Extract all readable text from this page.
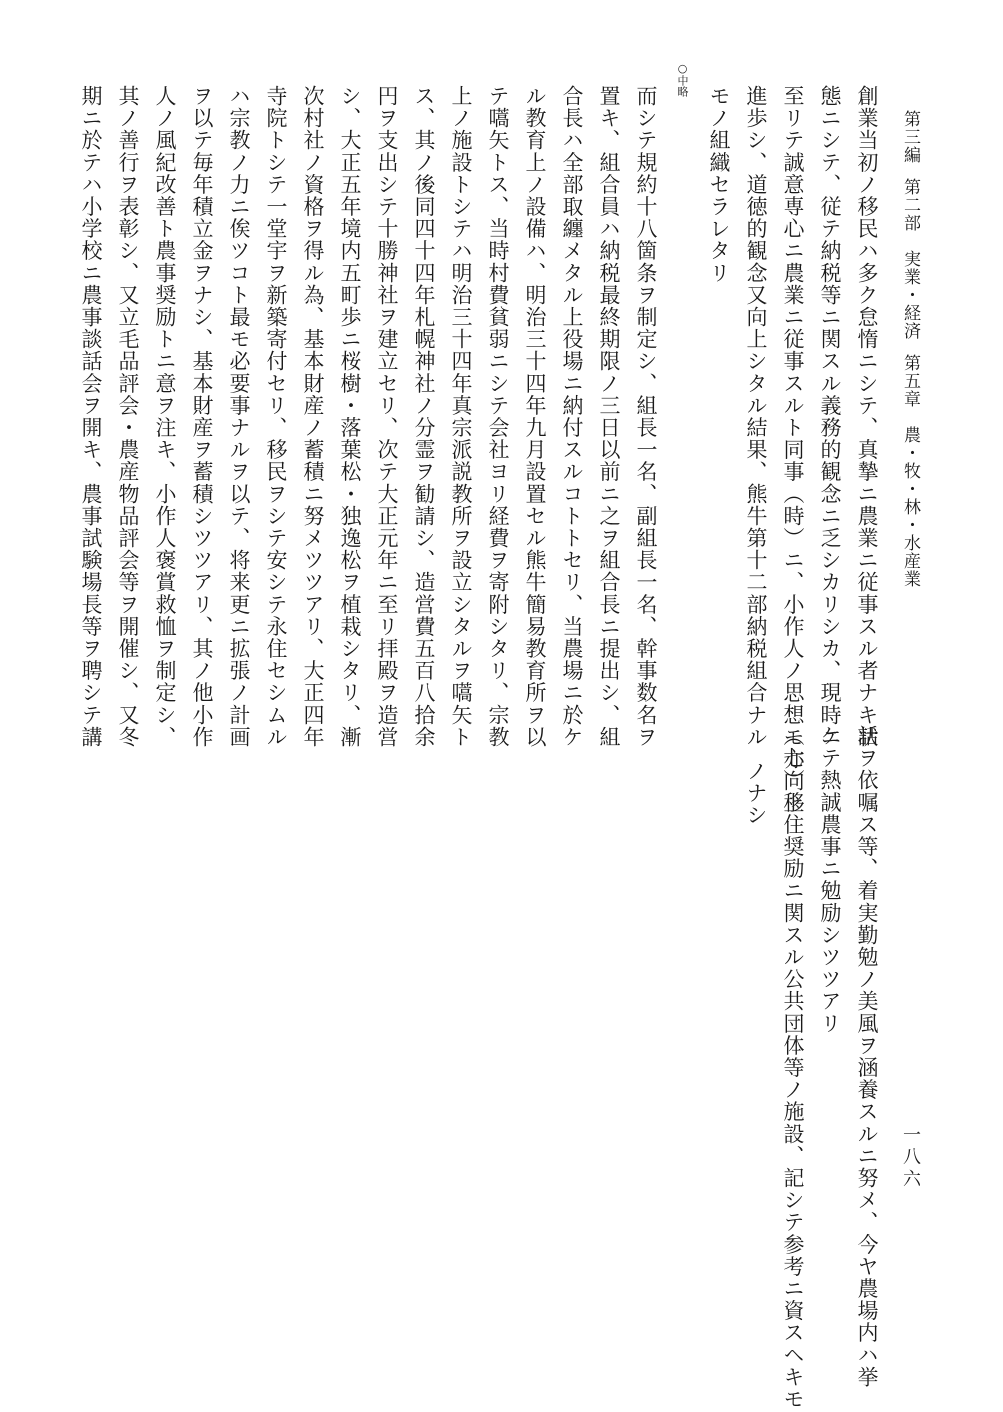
第三編
第二部　実業・経済
第五章　農・牧・林・水産業
創業当初ノ移民ハ多ク怠惰ニシテ、真摯ニ農業ニ従事スル者ナキ状
態ニシテ、従テ納税等ニ関スル義務的観念ニ乏シカリシカ、現時ニ
至リテ誠意専心ニ農業ニ従事スルト同事（時）ニ、小作人ノ思想モ亦向上
進歩シ、道徳的観念又向上シタル結果、熊牛第十二部納税組合ナル
モノ組織セラレタリ
○中略
而シテ規約十八箇条ヲ制定シ、組長一名、副組長一名、幹事数名ヲ
置キ、組合員ハ納税最終期限ノ三日以前ニ之ヲ組合長ニ提出シ、組
合長ハ全部取纏メタル上役場ニ納付スルコトトセリ、当農場ニ於ケ
ル教育上ノ設備ハ、明治三十四年九月設置セル熊牛簡易教育所ヲ以
テ嚆矢トス、当時村費貧弱ニシテ会社ヨリ経費ヲ寄附シタリ、宗教
上ノ施設トシテハ明治三十四年真宗派説教所ヲ設立シタルヲ嚆矢ト
ス、其ノ後同四十四年札幌神社ノ分霊ヲ勧請シ、造営費五百八拾余
円ヲ支出シテ十勝神社ヲ建立セリ、次テ大正元年ニ至リ拝殿ヲ造営
シ、大正五年境内五町歩ニ桜樹・落葉松・独逸松ヲ植栽シタリ、漸
次村社ノ資格ヲ得ル為、基本財産ノ蓄積ニ努メツツアリ、大正四年
寺院トシテ一堂宇ヲ新築寄付セリ、移民ヲシテ安シテ永住セシムル
ハ宗教ノ力ニ俟ツコト最モ必要事ナルヲ以テ、将来更ニ拡張ノ計画
ヲ以テ毎年積立金ヲナシ、基本財産ヲ蓄積シツツアリ、其ノ他小作
人ノ風紀改善ト農事奨励トニ意ヲ注キ、小作人褒賞救恤ヲ制定シ、
其ノ善行ヲ表彰シ、又立毛品評会・農産物品評会等ヲ開催シ、又冬
期ニ於テハ小学校ニ農事談話会ヲ開キ、農事試験場長等ヲ聘シテ講
話ヲ依嘱ス等、着実勤勉ノ美風ヲ涵養スルニ努メ、今ヤ農場内ハ挙
ケテ熱誠農事ニ勉励シツツアリ
（七）移住奨励ニ関スル公共団体等ノ施設、記シテ参考ニ資スヘキモ
ノナシ
一八六
